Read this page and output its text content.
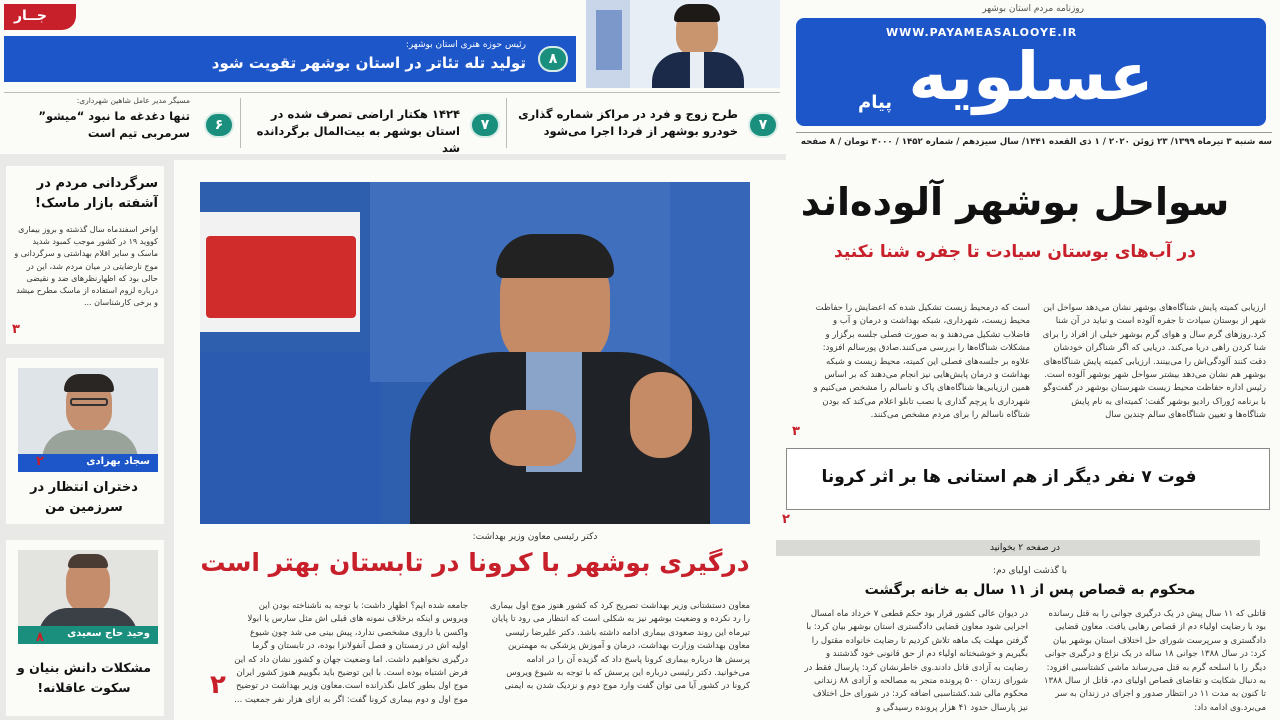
روزنامه مردم استان بوشهر
WWW.PAYAMEASALOOYE.IR
عسلویه
پیام
سه شنبه ۳ تیرماه ۱۳۹۹/ ۲۳ ژوئن ۲۰۲۰ / ۱ ذی القعده ۱۴۴۱/ سال سیزدهم / شماره ۱۴۵۲ / ۳۰۰۰ تومان / ۸ صفحه
رئیس حوزه هنری استان بوشهر:
تولید تله تئاتر در استان بوشهر تقویت شود	۸
جــار
۷
طرح زوج و فرد در مراکز شماره گذاری خودرو بوشهر از فردا اجرا می‌شود
۷
۱۴۲۴ هکتار اراضی تصرف شده در استان بوشهر به بیت‌المال برگردانده شد
۶
مسیگر مدیر عامل شاهین شهرداری:
تنها دغدغه ما نبود “میشو” سرمربی تیم است
سواحل بوشهر آلوده‌اند
در آب‌های بوستان سیادت تا جفره شنا نکنید
ارزیابی کمیته پایش شناگاه‌های بوشهر نشان می‌دهد سواحل این شهر از بوستان سیادت تا جفره آلوده است و نباید در آن شنا کرد.روزهای گرم سال و هوای گرم بوشهر خیلی از افراد را برای شنا کردن راهی دریا می‌کند. دریایی که اگر شناگران خودشان دقت کنند آلودگی‌اش را می‌بینند. ارزیابی کمیته پایش شناگاه‌های بوشهر هم نشان می‌دهد بیشتر سواحل شهر بوشهر آلوده است. رئیس اداره حفاظت محیط زیست شهرستان بوشهر در گفت‌وگو با برنامه رُوراک رادیو بوشهر گفت: کمیته‌ای به نام پایش شناگاه‌ها و تعیین شناگاه‌های سالم چندین سال
است که درمحیط زیست تشکیل شده که اعضایش را حفاظت محیط زیست، شهرداری، شبکه بهداشت و درمان و آب و فاضلاب تشکیل می‌دهند و به صورت فصلی جلسه برگزار و مشکلات شناگاه‌ها را بررسی می‌کنند.صادق پورسالم افزود: علاوه بر جلسه‌های فصلی این کمیته، محیط زیست و شبکه بهداشت و درمان پایش‌هایی نیز انجام می‌دهند که بر اساس همین ارزیابی‌ها شناگاه‌های پاک و ناسالم را مشخص می‌کنیم و شهرداری با پرچم گذاری یا نصب تابلو اعلام می‌کند که بودن شناگاه ناسالم را برای مردم مشخص می‌کنند.
۳
فوت ۷ نفر دیگر از هم استانی ها بر اثر کرونا
۲
در صفحه ۲ بخوانید
با گذشت اولیای دم:
محکوم به قصاص پس از ۱۱ سال به خانه برگشت
قاتلی که ۱۱ سال پیش در یک درگیری جوانی را به قتل رسانده بود با رضایت اولیاء دم از قصاص رهایی یافت. معاون قضایی دادگستری و سرپرست شورای حل اختلاف استان بوشهر بیان کرد: در سال ۱۳۸۸ جوانی ۱۸ ساله در یک نزاع و درگیری جوانی دیگر را با اسلحه گرم به قتل می‌رساند ماشی کشتاسبی افزود: به دنبال شکایت و تقاضای قصاص اولیای دم، قاتل از سال ۱۳۸۸ تا کنون به مدت ۱۱ در انتظار صدور و اجرای در زندان به سر می‌برد.وی ادامه داد:
در دیوان عالی کشور قرار بود حکم قطعی ۷ خرداد ماه امسال اجرایی شود معاون قضایی دادگستری استان بوشهر بیان کرد: با گرفتن مهلت یک ماهه تلاش کردیم تا رضایت خانواده مقتول را بگیریم و خوشبختانه اولیاء دم از حق قانونی خود گذشتند و رضایت به آزادی قاتل دادند.وی خاطرنشان کرد: پارسال فقط در شورای زندان ۵۰۰ پرونده منجر به مصالحه و آزادی ۸۸ زندانی محکوم مالی شد.کشتاسبی اضافه کرد: در شورای حل اختلاف نیز پارسال حدود ۴۱ هزار پرونده رسیدگی و
دکتر رئیسی معاون وزیر بهداشت:
درگیری بوشهر با کرونا در تابستان بهتر است
معاون دستشتانی وزیر بهداشت تصریح کرد که کشور هنوز موج اول بیماری را رد نکرده و وضعیت بوشهر نیز به شکلی است که انتظار می رود تا پایان تیرماه این روند صعودی بیماری ادامه داشته باشد. دکتر علیرضا رئیسی معاون بهداشت وزارت بهداشت، درمان و آموزش پزشکی به مهمترین پرسش ها درباره بیماری کرونا پاسخ داد که گزیده آن را در ادامه می‌خوانید. دکتر رئیسی درباره این پرسش که با توجه به شیوع ویروس کرونا در کشور آیا می توان گفت وارد موج دوم و نزدیک شدن به ایمنی
جامعه شده ایم؟ اظهار داشت: با توجه به ناشناخته بودن این ویروس و اینکه برخلاف نمونه های قبلی اش مثل سارس یا ابولا واکسن یا داروی مشخصی ندارد، پیش بینی می شد چون شیوع اولیه اش در زمستان و فصل آنفولانزا بوده، در تابستان و گرما درگیری نخواهیم داشت. اما وضعیت جهان و کشور نشان داد که این فرض اشتباه بوده است. با این توضیح باید بگوییم هنوز کشور ایران موج اول بطور کامل نگذرانده است.معاون وزیر بهداشت در توضیح موج اول و دوم بیماری کرونا گفت: اگر به ازای هزار نفر جمعیت ...
۲
سرگردانی مردم در آشفته بازار ماسک!
اواخر اسفندماه سال گذشته و بروز بیماری کووید ۱۹ در کشور موجب کمبود شدید ماسک و سایر اقلام بهداشتی و سرگردانی و موج نارضایتی در میان مردم شد، این در حالی بود که اظهارنظرهای ضد و نقیضی درباره لزوم استفاده از ماسک مطرح میشد و برخی کارشناسان ...
۳
سجاد بهزادی
۲
دختران انتظار در سرزمین من
وحید حاج سعیدی
۸
مشکلات دانش بنیان و سکوت عاقلانه!
